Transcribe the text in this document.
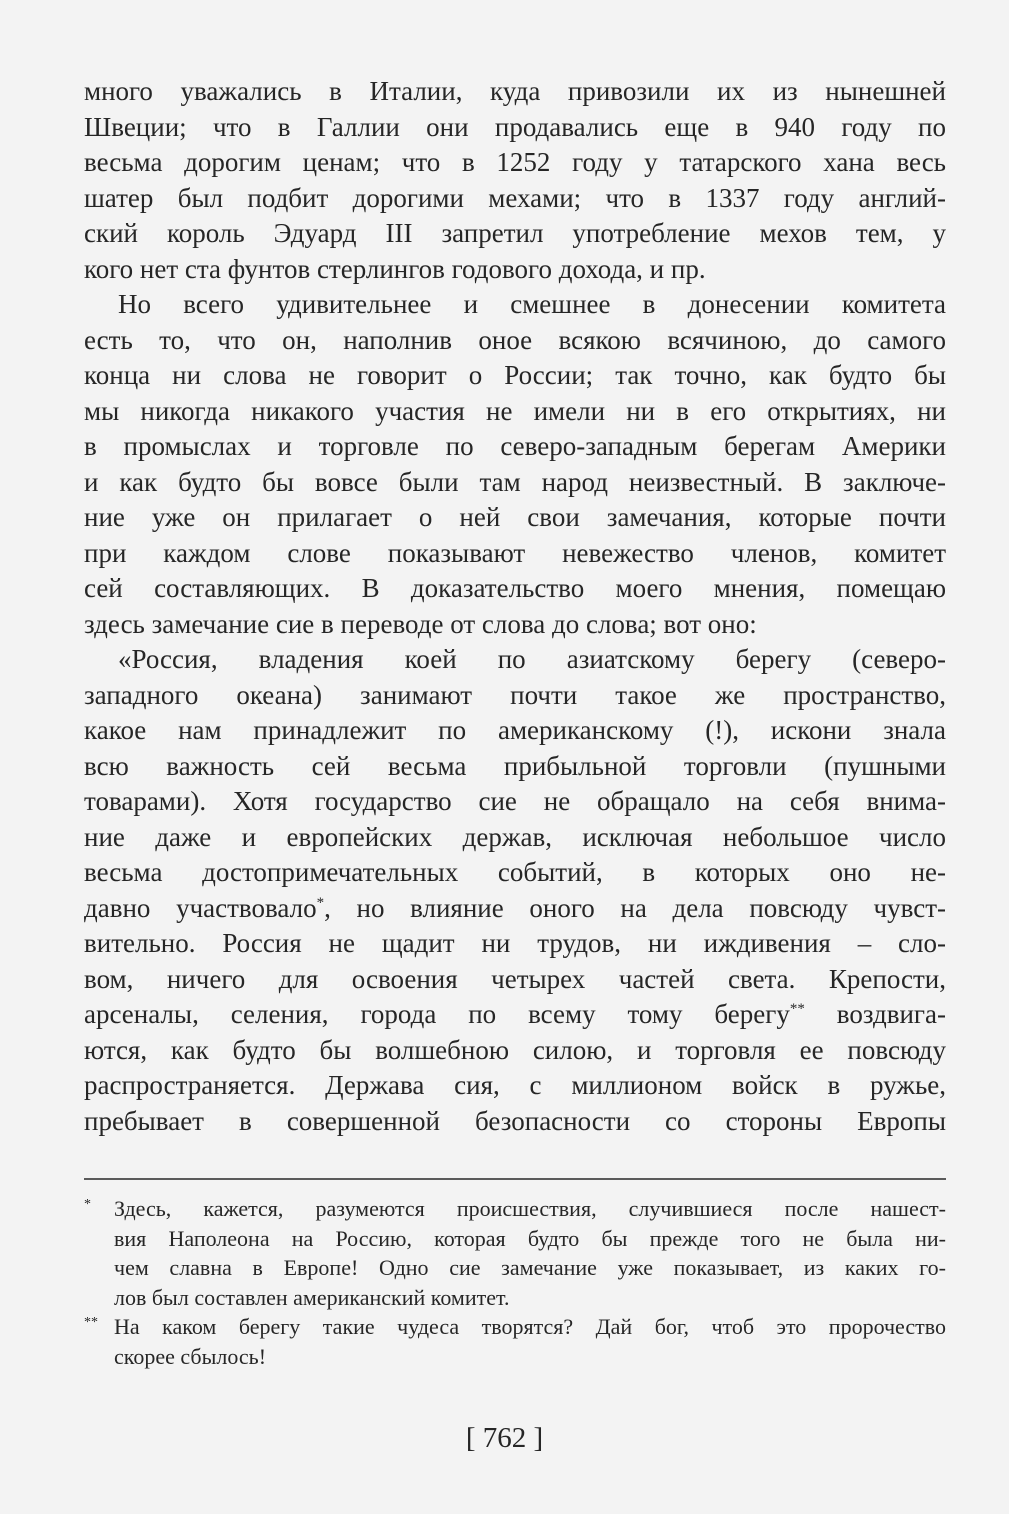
много уважались в Италии, куда привозили их из нынешней
Швеции; что в Галлии они продавались еще в 940 году по
весьма дорогим ценам; что в 1252 году у татарского хана весь
шатер был подбит дорогими мехами; что в 1337 году англий-
ский король Эдуард III запретил употребление мехов тем, у
кого нет ста фунтов стерлингов годового дохода, и пр.
Но всего удивительнее и смешнее в донесении комитета
есть то, что он, наполнив оное всякою всячиною, до самого
конца ни слова не говорит о России; так точно, как будто бы
мы никогда никакого участия не имели ни в его открытиях, ни
в промыслах и торговле по северо-западным берегам Америки
и как будто бы вовсе были там народ неизвестный. В заключе-
ние уже он прилагает о ней свои замечания, которые почти
при каждом слове показывают невежество членов, комитет
сей составляющих. В доказательство моего мнения, помещаю
здесь замечание сие в переводе от слова до слова; вот оно:
«Россия, владения коей по азиатскому берегу (северо-
западного океана) занимают почти такое же пространство,
какое нам принадлежит по американскому (!), искони знала
всю важность сей весьма прибыльной торговли (пушными
товарами). Хотя государство сие не обращало на себя внима-
ние даже и европейских держав, исключая небольшое число
весьма достопримечательных событий, в которых оно не-
давно участвовало*, но влияние оного на дела повсюду чувст-
вительно. Россия не щадит ни трудов, ни иждивения – сло-
вом, ничего для освоения четырех частей света. Крепости,
арсеналы, селения, города по всему тому берегу** воздвига-
ются, как будто бы волшебною силою, и торговля ее повсюду
распространяется. Держава сия, с миллионом войск в ружье,
пребывает в совершенной безопасности со стороны Европы
*	Здесь, кажется, разумеются происшествия, случившиеся после нашест-
вия Наполеона на Россию, которая будто бы прежде того не была ни-
чем славна в Европе! Одно сие замечание уже показывает, из каких го-
лов был составлен американский комитет.
** На каком берегу такие чудеса творятся? Дай бог, чтоб это пророчество
скорее сбылось!
[ 762 ]
